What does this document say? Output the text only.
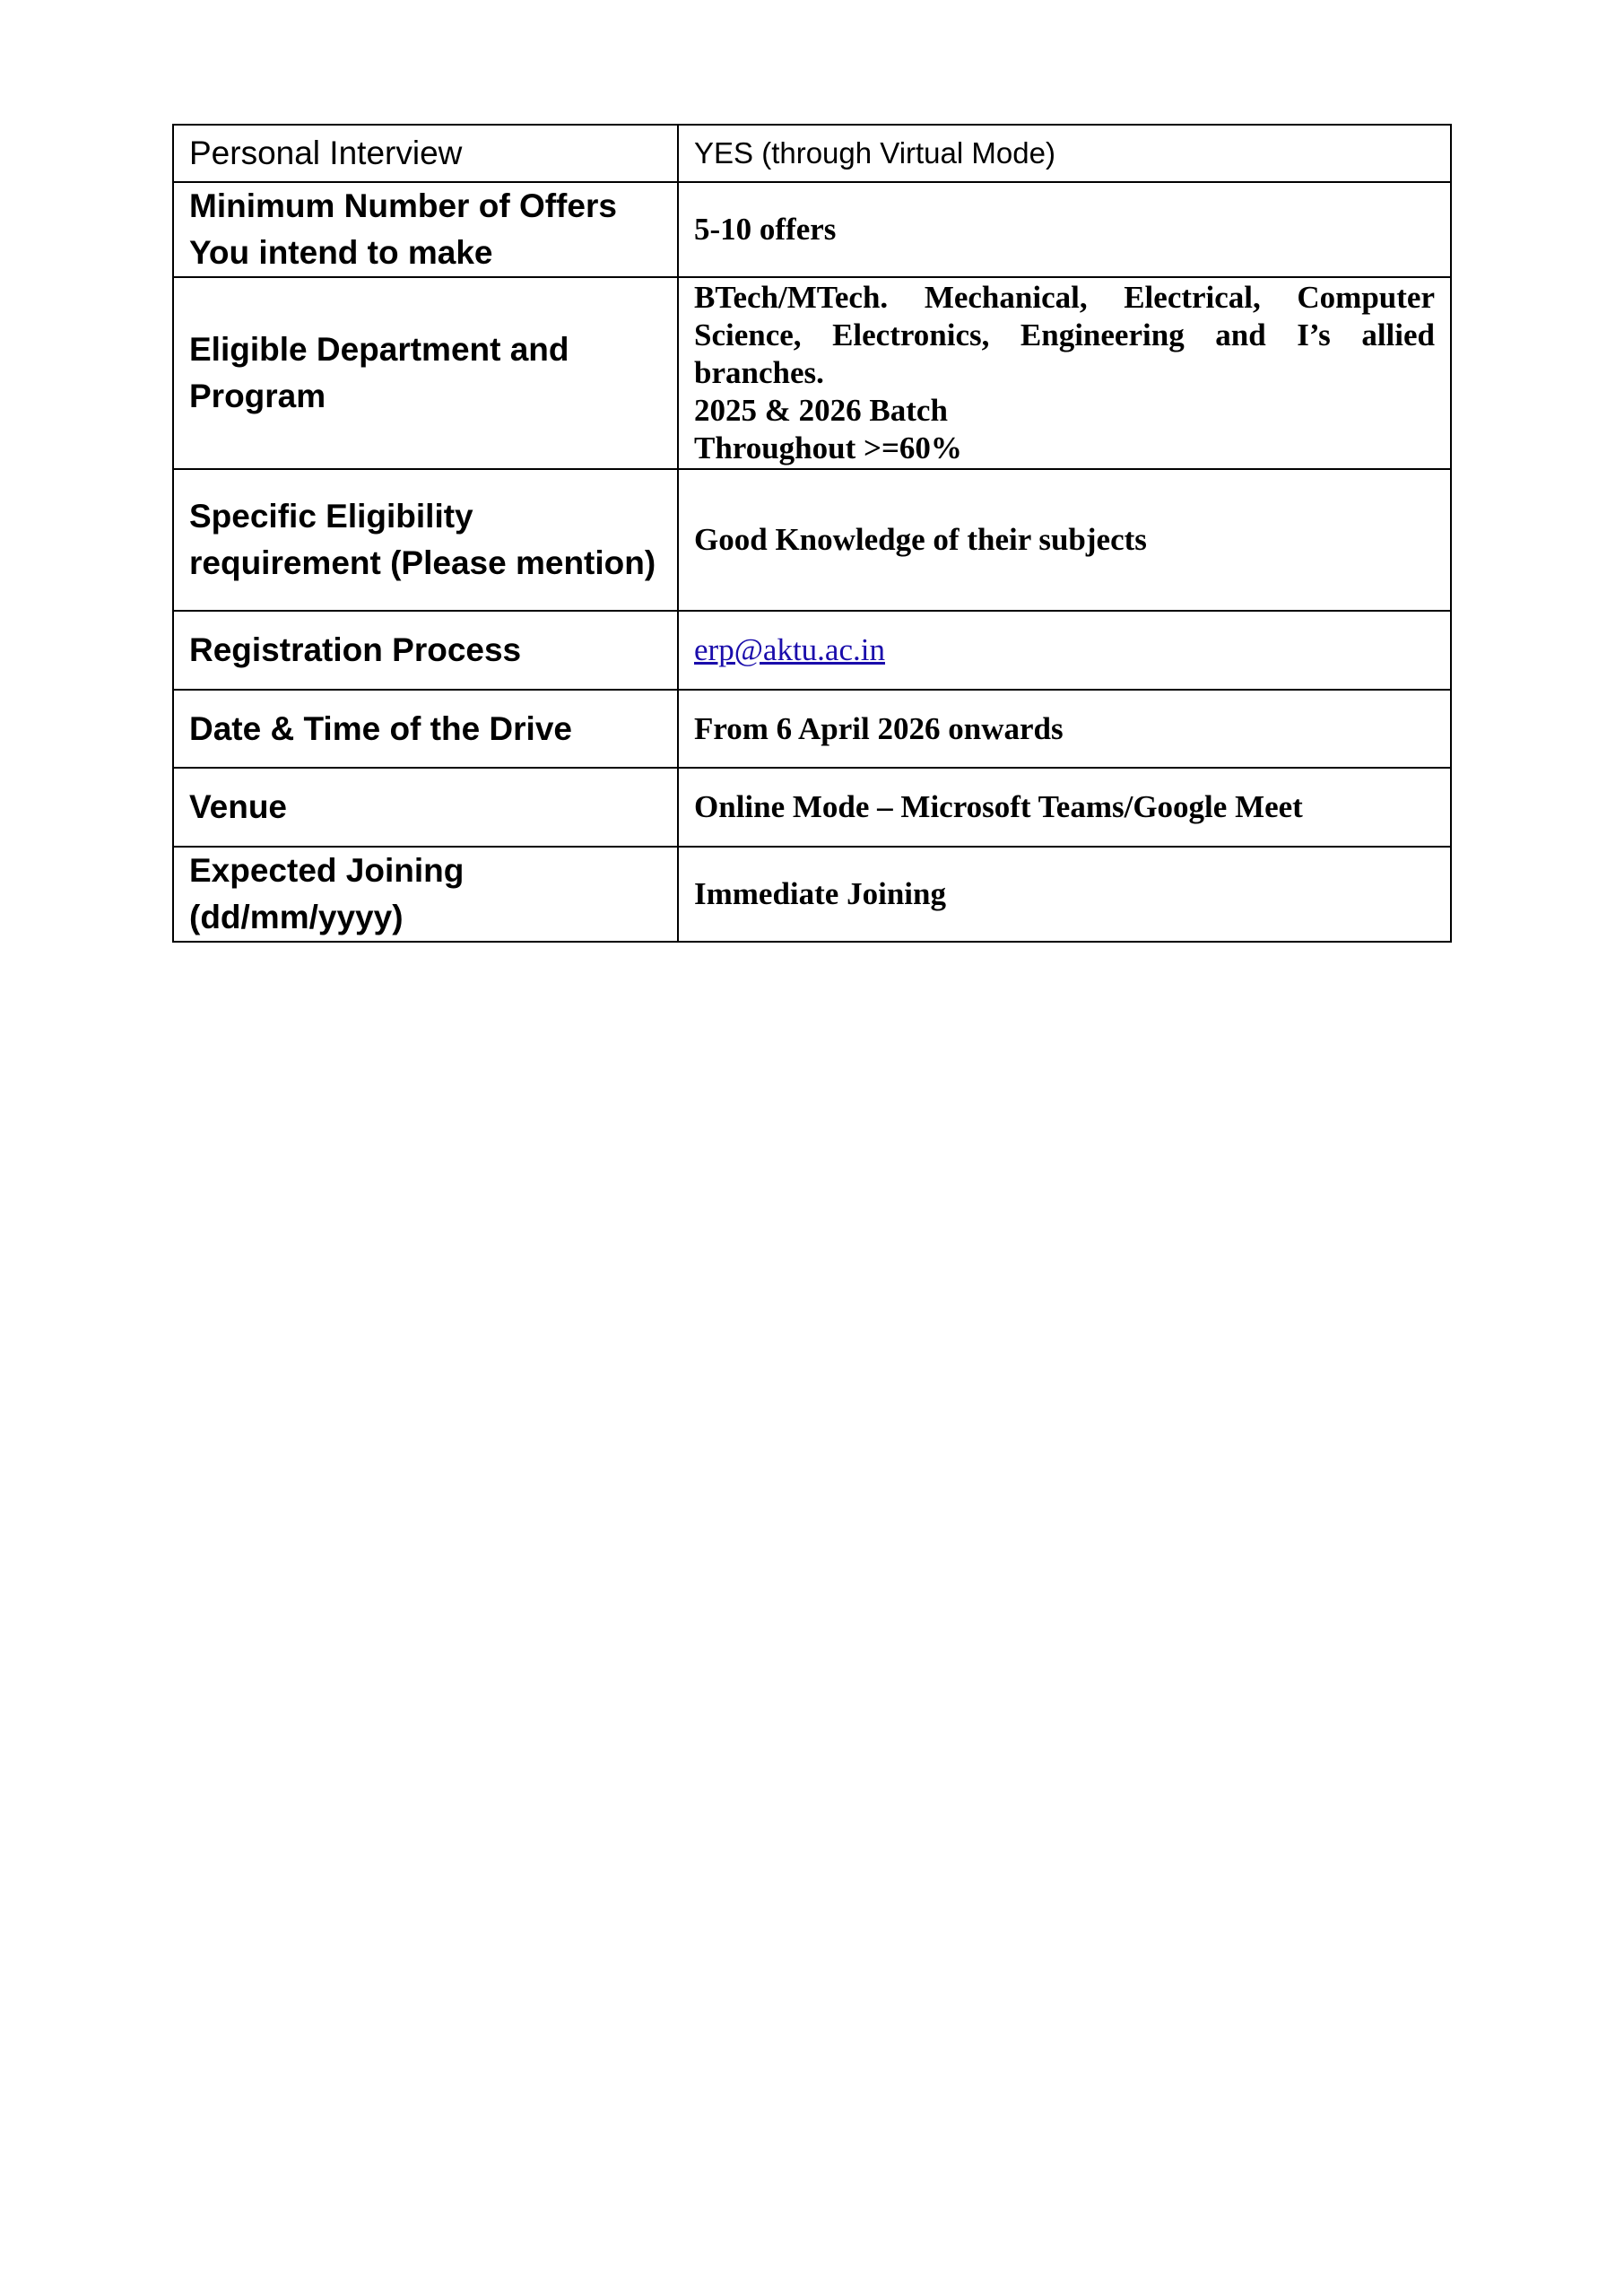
Personal Interview	YES (through Virtual Mode)
Minimum Number of Offers You intend to make	5-10 offers
Eligible Department and Program	BTech/MTech. Mechanical, Electrical, Computer
Science, Electronics, Engineering and I’s allied
branches.
2025 & 2026 Batch
Throughout >=60%

Specific Eligibility requirement (Please mention)	Good Knowledge of their subjects
Registration Process	erp@aktu.ac.in
Date & Time of the Drive	From 6 April 2026 onwards
Venue	Online Mode – Microsoft Teams/Google Meet
Expected Joining (dd/mm/yyyy)	Immediate Joining
